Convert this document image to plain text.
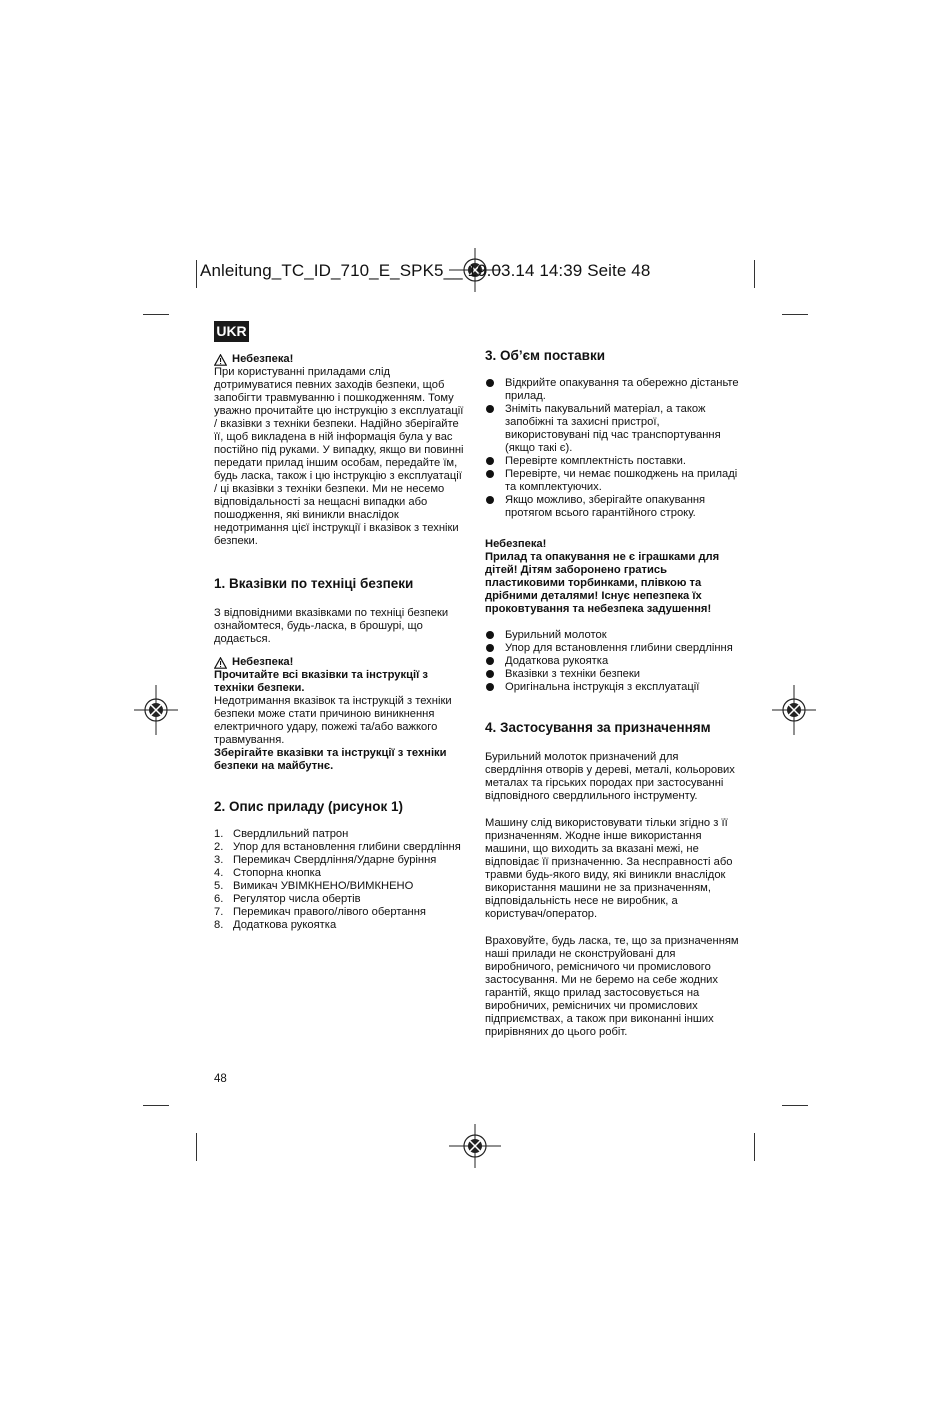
Anleitung_TC_ID_710_E_SPK5__ 19.03.14 14:39 Seite 48
UKR
Небезпека!

При користуванні приладами слід дотримуватися певних заходів безпеки, щоб запобігти травмуванню і пошкодженням. Тому уважно прочитайте цю інструкцію з експлуатації / вказівки з техніки безпеки. Надійно зберігайте її, щоб викладена в ній інформація була у вас постійно під руками. У випадку, якщо ви повинні передати прилад іншим особам, передайте їм, будь ласка, також і цю інструкцію з експлуатації / ці вказівки з техніки безпеки. Ми не несемо відповідальності за нещасні випадки або пошодження, які виникли внаслідок недотримання цієї інструкції і вказівок з техніки безпеки.

1. Вказівки по техніці безпеки

З відповідними вказівками по техніці безпеки ознайомтеся, будь-ласка, в брошурі, що додається.

Небезпека!

Прочитайте всі вказівки та інструкції з техніки безпеки.

Недотримання вказівок та інструкцій з техніки безпеки може стати причиною виникнення електричного удару, пожежі та/або важкого травмування.

Зберігайте вказівки та інструкції з техніки безпеки на майбутнє.

2. Опис приладу (рисунок 1)

1. Свердлильний патрон
2. Упор для встановлення глибини свердління
3. Перемикач Свердління/Ударне буріння
4. Стопорна кнопка
5. Вимикач УВІМКНЕНО/ВИМКНЕНО
6. Регулятор числа обертів
7. Перемикач правого/лівого обертання
8. Додаткова рукоятка

3. Об’єм поставки

Відкрийте опакування та обережно дістаньте прилад.
Зніміть пакувальний матеріал, а також запобіжні та захисні пристрої, використовувані під час транспортування (якщо такі є).
Перевірте комплектність поставки.
Перевірте, чи немає пошкоджень на приладі та комплектуючих.
Якщо можливо, зберігайте опакування протягом всього гарантійного строку.

Небезпека!

Прилад та опакування не є іграшками для дітей! Дітям заборонено гратись пластиковими торбинками, плівкою та дрібними деталями! Існує непезпека їх проковтування та небезпека задушення!

Бурильний молоток
Упор для встановлення глибини свердління
Додаткова рукоятка
Вказівки з техніки безпеки
Оригінальна інструкція з експлуатації

4. Застосування за призначенням

Бурильний молоток призначений для свердління отворів у дереві, металі, кольорових металах та гірських породах при застосуванні відповідного свердлильного інструменту.

Машину слід використовувати тільки згідно з її призначенням. Жодне інше використання машини, що виходить за вказані межі, не відповідає її призначенню. За несправності або травми будь-якого виду, які виникли внаслідок використання машини не за призначенням, відповідальність несе не виробник, а користувач/оператор.

Враховуйте, будь ласка, те, що за призначенням наші прилади не сконструйовані для виробничого, ремісничого чи промислового застосування. Ми не беремо на себе жодних гарантій, якщо прилад застосовується на виробничих, ремісничих чи промислових підприємствах, а також при виконанні інших прирівняних до цього робіт.

48
